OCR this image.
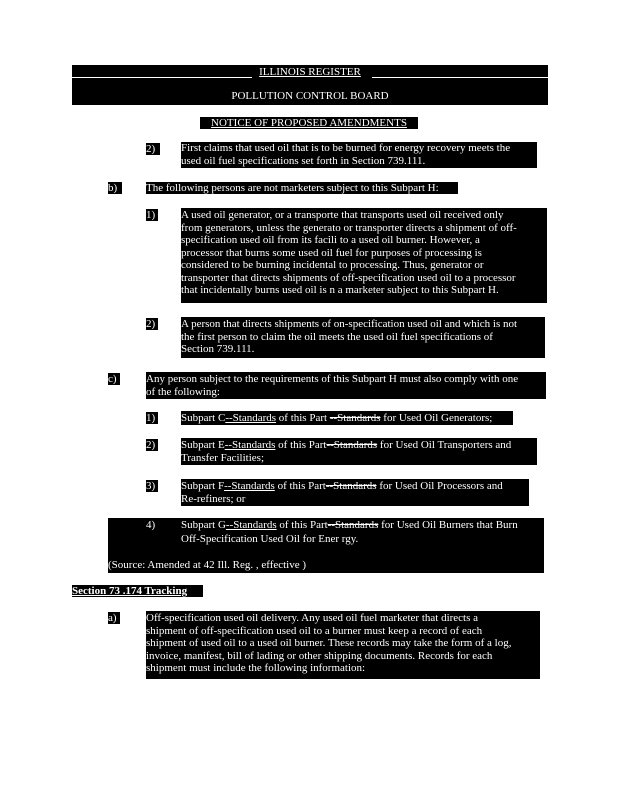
ILLINOIS REGISTER
POLLUTION CONTROL BOARD
NOTICE OF PROPOSED AMENDMENTS
2)	First claims that used oil that is to be burned for energy recovery meets the
used oil fuel specifications set forth in Section 739.111.
b)	The following persons are not marketers subject to this Subpart H:
1) A used oil generator, or a transporte that transports used oil received only
from generators, unless the generato or transporter directs a shipment of off-
specification used oil from its facili to a used oil burner. However, a
processor that burns some used oil fuel for purposes of processing is
considered to be burning incidental to processing. Thus, generator or
transporter that directs shipments of off-specification used oil to a processor
that incidentally burns used oil is n a marketer subject to this Subpart H.
2) A person that directs shipments of on-specification used oil and which is not
the first person to claim the oil meets the used oil fuel specifications of
Section 739.111.
c)	Any person subject to the requirements of this Subpart H must also comply with one
of the following:
1) Subpart C--Standards of this Part --Standards for Used Oil Generators;
2) Subpart E--Standards of this Part--Standards for Used Oil Transporters and
Transfer Facilities;
3) Subpart F--Standards of this Part--Standards for Used Oil Processors and
Re-refiners; or
4) Subpart G--Standards of this Part--Standards for Used Oil Burners that Burn
Off-Specification Used Oil for Ener rgy.
(Source: Amended at 42 Ill. Reg. , effective )
Section 73 .174 Tracking
a)	Off-specification used oil delivery. Any used oil fuel marketer that directs a
shipment of off-specification used oil to a burner must keep a record of each
shipment of used oil to a used oil burner. These records may take the form of a log,
invoice, manifest, bill of lading or other shipping documents. Records for each
shipment must include the following information:
